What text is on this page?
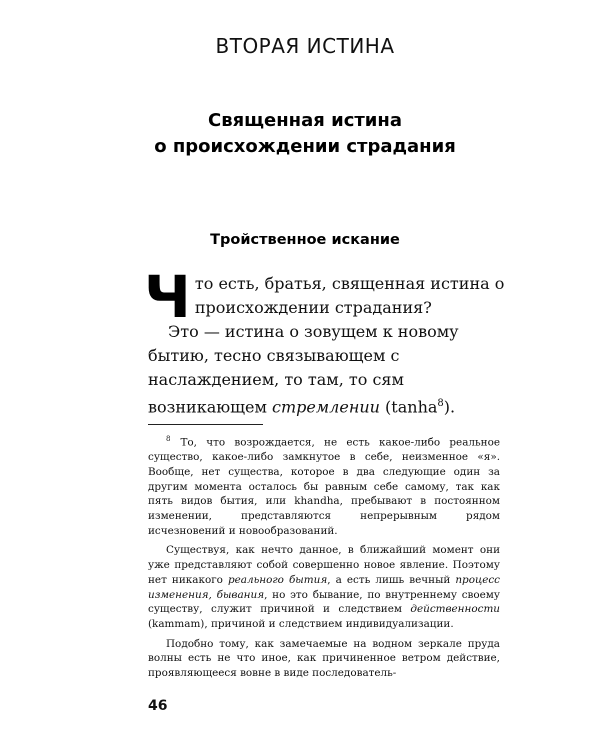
ВТОРАЯ ИСТИНА
Священная истина
о происхождении страдания
Тройственное искание

Что есть, братья, священная истина о происхождении страдания?

Это — истина о зовущем к новому бытию, тесно связывающем с наслаждением, то там, то сям возникающем стремлении (tanha$^8$).

$^8$ То, что возрождается, не есть какое-либо реальное существо, какое-либо замкнутое в себе, неизменное «я». Вообще, нет существа, которое в два следующие один за другим момента осталось бы равным себе самому, так как пять видов бытия, или khandha, пребывают в постоянном изменении, представляются непрерывным рядом исчезновений и новообразований.

Существуя, как нечто данное, в ближайший момент они уже представляют собой совершенно новое явление. Поэтому нет никакого реального бытия, а есть лишь вечный процесс изменения, бывания, но это бывание, по внутреннему своему существу, служит причиной и следствием действенности (kammam), причиной и следствием индивидуализации.

Подобно тому, как замечаемые на водном зеркале пруда волны есть не что иное, как причиненное ветром действие, проявляющееся вовне в виде последователь-

46
